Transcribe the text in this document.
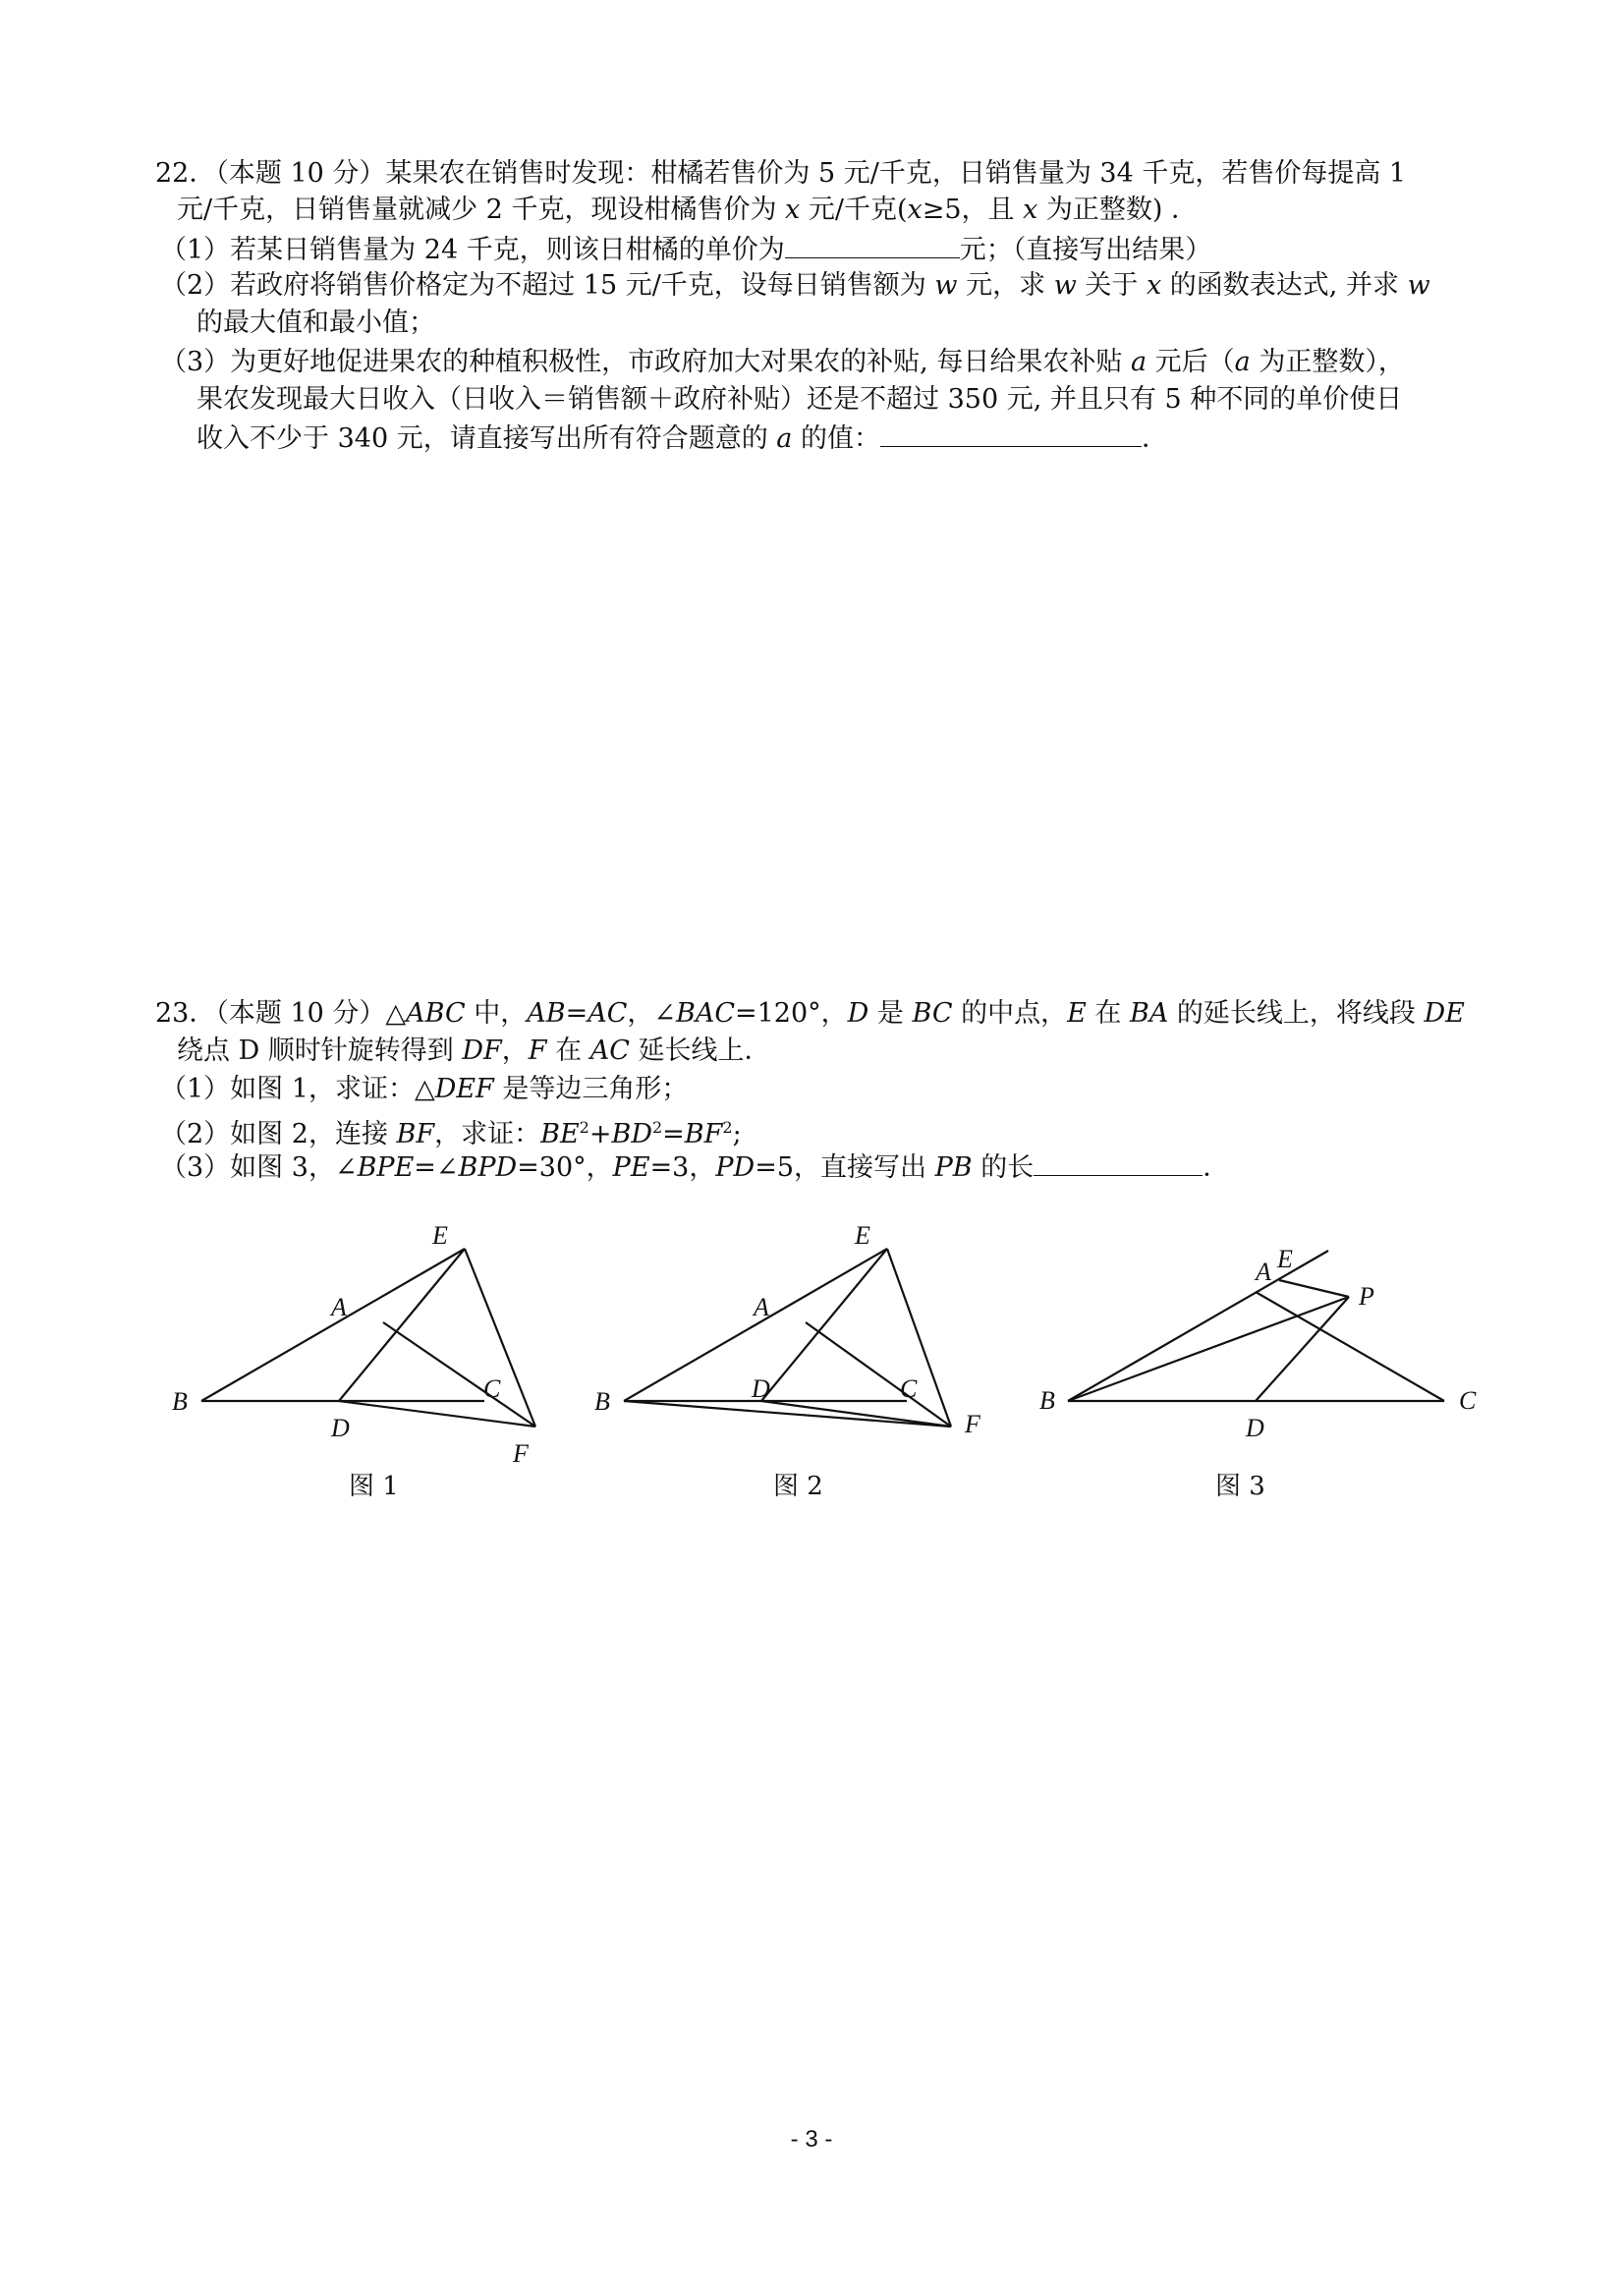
22．（本题 10 分）某果农在销售时发现：柑橘若售价为 5 元/千克，日销售量为 34 千克，若售价每提高 1
元/千克，日销售量就减少 2 千克，现设柑橘售价为 x 元/千克(x≥5，且 x 为正整数) ．
（1）若某日销售量为 24 千克，则该日柑橘的单价为	元；（直接写出结果）
（2）若政府将销售价格定为不超过 15 元/千克，设每日销售额为 w 元，求 w 关于 x 的函数表达式, 并求 w
的最大值和最小值；
（3）为更好地促进果农的种植积极性，市政府加大对果农的补贴, 每日给果农补贴 a 元后（a 为正整数），
果农发现最大日收入（日收入＝销售额＋政府补贴）还是不超过 350 元, 并且只有 5 种不同的单价使日
收入不少于 340 元，请直接写出所有符合题意的 a 的值：	．
23．（本题 10 分）△ABC 中，AB=AC，∠BAC=120°，D 是 BC 的中点，E 在 BA 的延长线上，将线段 DE
绕点 D 顺时针旋转得到 DF，F 在 AC 延长线上．
（1）如图 1，求证：△DEF 是等边三角形；
（2）如图 2，连接 BF，求证：$BE^2+BD^2=BF^2$;
（3）如图 3，∠BPE=∠BPD=30°，PE=3，PD=5，直接写出 PB 的长	．
E
A
B	C
D
F
图 1
E
A
B	D	C
F
图 2
A E
P
B
D
C
图 3
- 3 -
